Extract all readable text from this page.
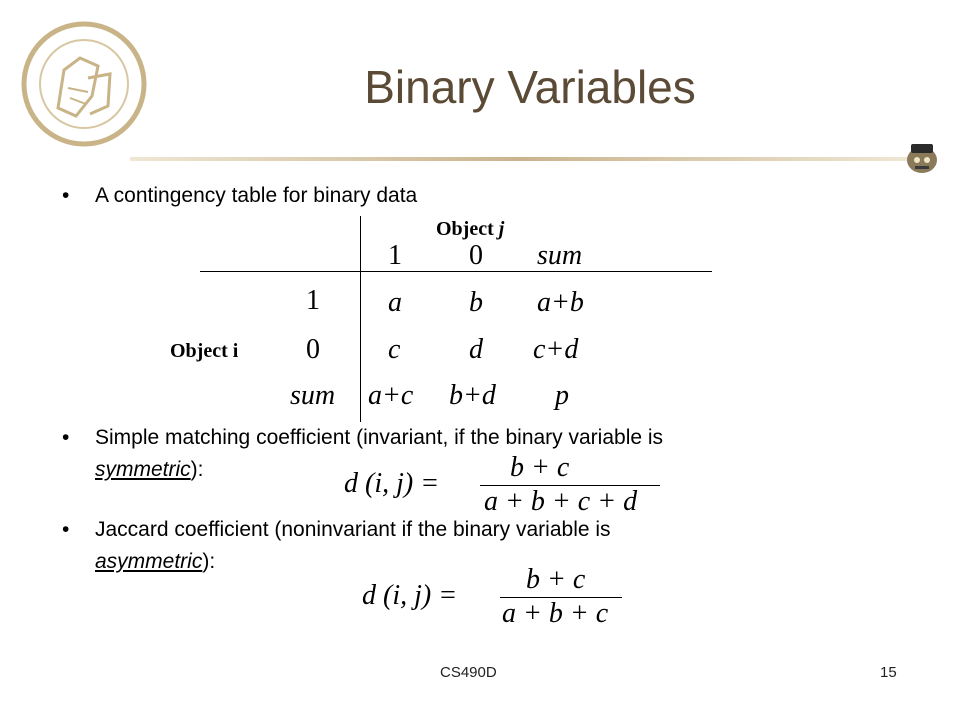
Binary Variables
• A contingency table for binary data
Object j
1 0 sum
Object i
1 a b a+b
0 c d c+d
sum a+c b+d p
• Simple matching coefficient (invariant, if the binary variable is
symmetric):	d (i, j) =
b + c
a + b + c + d
• Jaccard coefficient (noninvariant if the binary variable is
asymmetric):
d (i, j) =
b + c
a + b + c
CS490D	15
